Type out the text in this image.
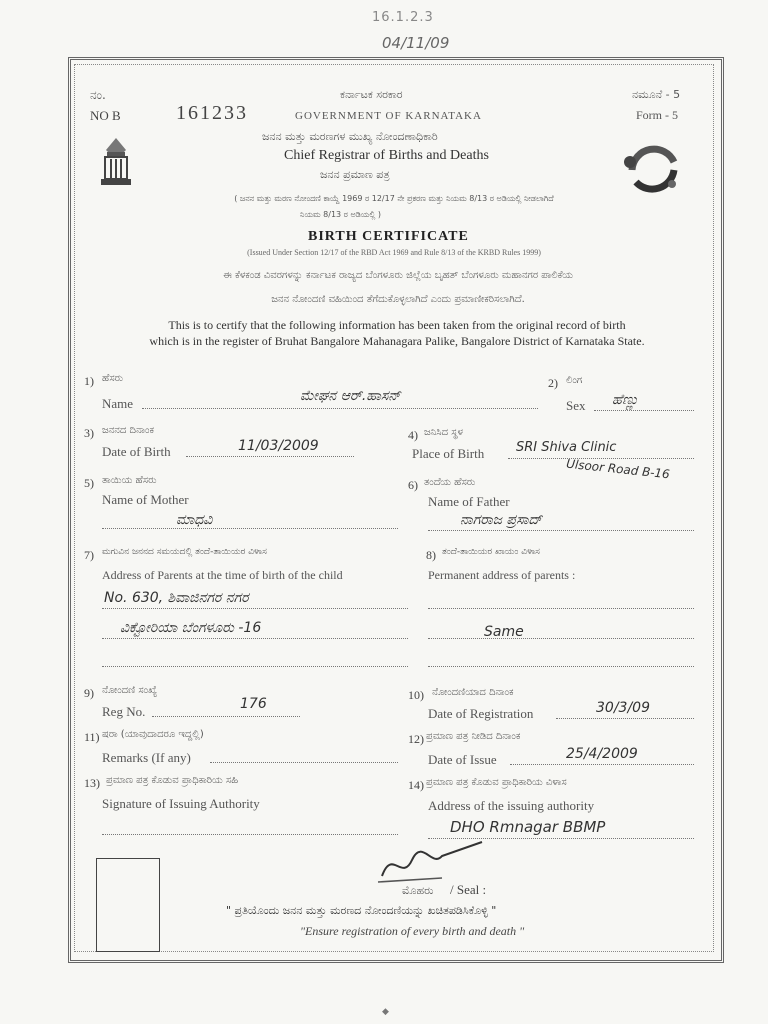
16.1.2.3
04/11/09
ನಂ.
NO B	161233
ಕರ್ನಾಟಕ ಸರಕಾರ
GOVERNMENT OF KARNATAKA
ಜನನ ಮತ್ತು ಮರಣಗಳ ಮುಖ್ಯ ನೋಂದಣಾಧಿಕಾರಿ
Chief Registrar of Births and Deaths
ಜನನ ಪ್ರಮಾಣ ಪತ್ರ
ನಮೂನೆ - 5
Form - 5
( ಜನನ ಮತ್ತು ಮರಣ ನೋಂದಣಿ ಕಾಯ್ದೆ 1969 ರ 12/17 ನೇ ಪ್ರಕರಣ ಮತ್ತು ನಿಯಮ 8/13 ರ ಅಡಿಯಲ್ಲಿ ನೀಡಲಾಗಿದೆ
ನಿಯಮ 8/13 ರ ಅಡಿಯಲ್ಲಿ )
BIRTH CERTIFICATE
(Issued Under Section 12/17 of the RBD Act 1969 and Rule 8/13 of the KRBD Rules 1999)
ಈ ಕೆಳಕಂಡ ವಿವರಗಳನ್ನು ಕರ್ನಾಟಕ ರಾಜ್ಯದ ಬೆಂಗಳೂರು ಜಿಲ್ಲೆಯ ಬೃಹತ್ ಬೆಂಗಳೂರು ಮಹಾನಗರ ಪಾಲಿಕೆಯ
ಜನನ ನೋಂದಣಿ ವಹಿಯಿಂದ ತೆಗೆದುಕೊಳ್ಳಲಾಗಿದೆ ಎಂದು ಪ್ರಮಾಣೀಕರಿಸಲಾಗಿದೆ.
This is to certify that the following information has been taken from the original record of birth
which is in the register of Bruhat Bangalore Mahanagara Palike, Bangalore District of Karnataka State.
1) ಹೆಸರು
Name	ಮೇಘನ ಆರ್.ಹಾಸನ್
2) ಲಿಂಗ
Sex ಹೆಣ್ಣು
3) ಜನನದ ದಿನಾಂಕ
Date of Birth	11/03/2009
4) ಜನಿಸಿದ ಸ್ಥಳ
Place of Birth SRI Shiva Clinic
Ulsoor Road B-16
5) ತಾಯಿಯ ಹೆಸರು
Name of Mother
ಮಾಧವಿ
6) ತಂದೆಯ ಹೆಸರು
Name of Father
ನಾಗರಾಜ ಪ್ರಸಾದ್
7) ಮಗುವಿನ ಜನನದ ಸಮಯದಲ್ಲಿ ತಂದೆ-ತಾಯಿಯರ ವಿಳಾಸ
Address of Parents at the time of birth of the child
No. 630, ಶಿವಾಜಿನಗರ ನಗರ
ವಿಕ್ಟೋರಿಯಾ ಬೆಂಗಳೂರು -16
8) ತಂದೆ-ತಾಯಿಯರ ಖಾಯಂ ವಿಳಾಸ
Permanent address of parents :
Same
9) ನೋಂದಣಿ ಸಂಖ್ಯೆ
Reg No.	176
10) ನೋಂದಣಿಯಾದ ದಿನಾಂಕ
Date of Registration	30/3/09
11) ಷರಾ (ಯಾವುದಾದರೂ ಇದ್ದಲ್ಲಿ)
Remarks (If any)
12) ಪ್ರಮಾಣ ಪತ್ರ ನೀಡಿದ ದಿನಾಂಕ
Date of Issue	25/4/2009
13) ಪ್ರಮಾಣ ಪತ್ರ ಕೊಡುವ ಪ್ರಾಧಿಕಾರಿಯ ಸಹಿ
Signature of Issuing Authority
14) ಪ್ರಮಾಣ ಪತ್ರ ಕೊಡುವ ಪ್ರಾಧಿಕಾರಿಯ ವಿಳಾಸ
Address of the issuing authority
DHO Rmnagar BBMP
ಮೊಹರು / Seal :
" ಪ್ರತಿಯೊಂದು ಜನನ ಮತ್ತು ಮರಣದ ನೋಂದಣಿಯನ್ನು ಖಚಿತಪಡಿಸಿಕೊಳ್ಳಿ "
"Ensure registration of every birth and death "
◆
